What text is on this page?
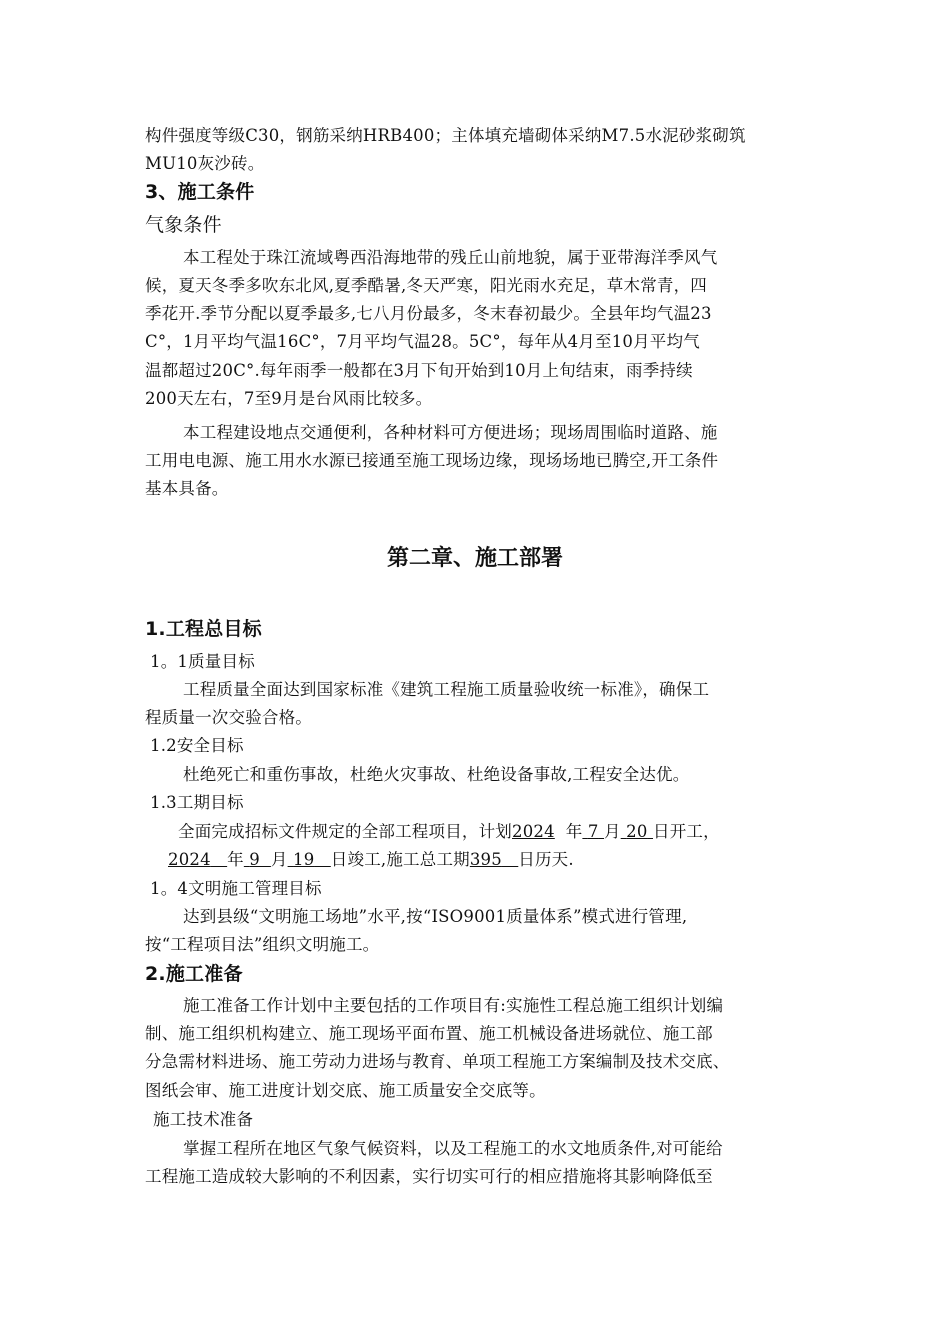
构件强度等级C30，钢筋采纳HRB400；主体填充墙砌体采纳M7.5水泥砂浆砌筑
MU10灰沙砖。
3、施工条件
气象条件
本工程处于珠江流域粤西沿海地带的残丘山前地貌，属于亚带海洋季风气
候，夏天冬季多吹东北风,夏季酷暑,冬天严寒，阳光雨水充足，草木常青，四
季花开.季节分配以夏季最多,七八月份最多，冬末春初最少。全县年均气温23
C°，1月平均气温16C°，7月平均气温28。5C°，每年从4月至10月平均气
温都超过20C°.每年雨季一般都在3月下旬开始到10月上旬结束，雨季持续
200天左右，7至9月是台风雨比较多。
本工程建设地点交通便利，各种材料可方便进场；现场周围临时道路、施
工用电电源、施工用水水源已接通至施工现场边缘，现场场地已腾空,开工条件
基本具备。
第二章、施工部署
1.工程总目标
1。1质量目标
工程质量全面达到国家标准《建筑工程施工质量验收统一标准》，确保工
程质量一次交验合格。
1.2安全目标
杜绝死亡和重伤事故，杜绝火灾事故、杜绝设备事故,工程安全达优。
1.3工期目标
全面完成招标文件规定的全部工程项目，计划2024 年 7 月 20 日开工，
2024 年 9 月 19 日竣工,施工总工期395 日历天.
1。4文明施工管理目标
达到县级“文明施工场地”水平,按“ISO9001质量体系”模式进行管理,
按“工程项目法”组织文明施工。
2.施工准备
施工准备工作计划中主要包括的工作项目有:实施性工程总施工组织计划编
制、施工组织机构建立、施工现场平面布置、施工机械设备进场就位、施工部
分急需材料进场、施工劳动力进场与教育、单项工程施工方案编制及技术交底、
图纸会审、施工进度计划交底、施工质量安全交底等。
施工技术准备
掌握工程所在地区气象气候资料，以及工程施工的水文地质条件,对可能给
工程施工造成较大影响的不利因素，实行切实可行的相应措施将其影响降低至
